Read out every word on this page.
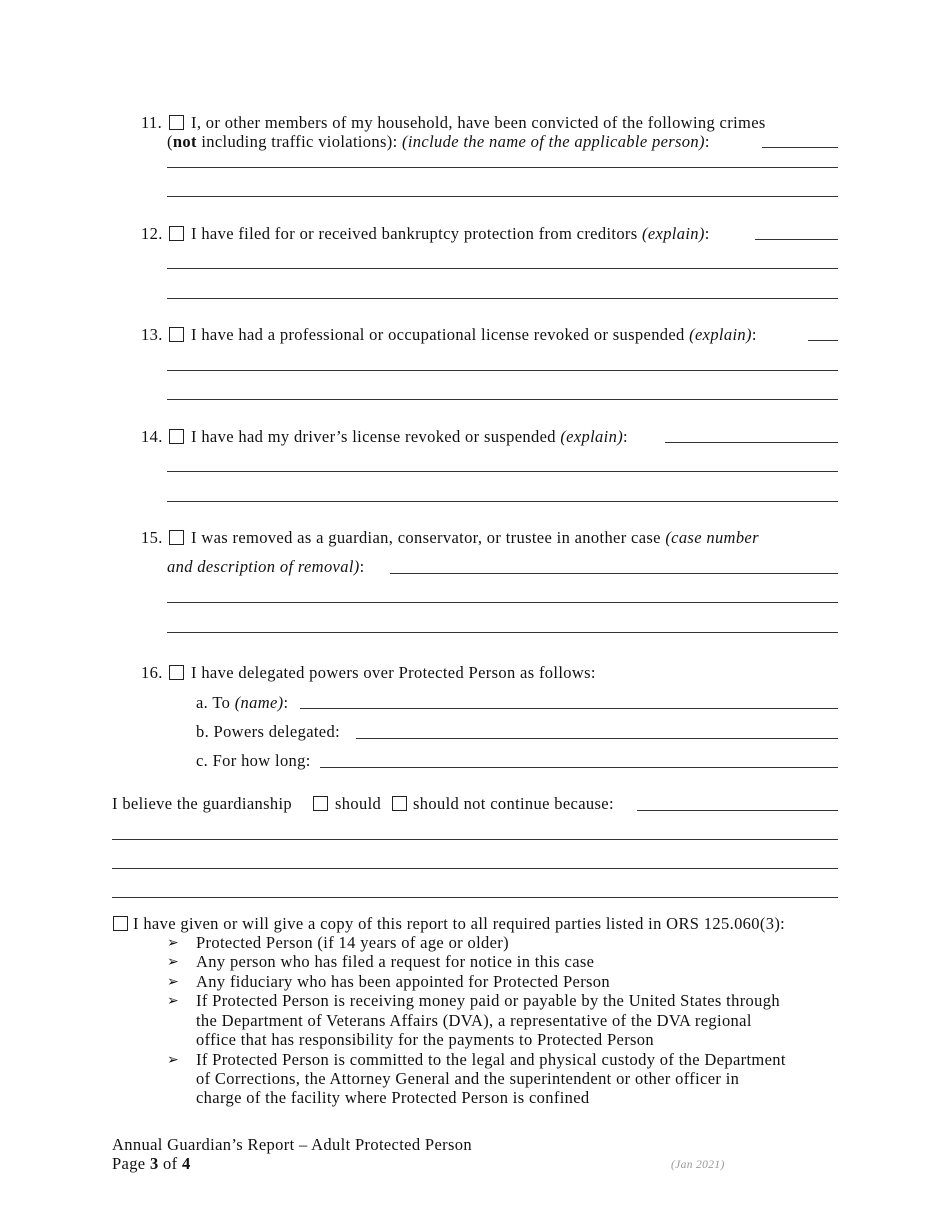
11. I, or other members of my household, have been convicted of the following crimes
(not including traffic violations): (include the name of the applicable person):
12. I have filed for or received bankruptcy protection from creditors (explain):
13. I have had a professional or occupational license revoked or suspended (explain):
14. I have had my driver’s license revoked or suspended (explain):
15. I was removed as a guardian, conservator, or trustee in another case (case number
and description of removal):
16. I have delegated powers over Protected Person as follows:
a. To (name):
b. Powers delegated:
c. For how long:
I believe the guardianship	should should not continue because:
I have given or will give a copy of this report to all required parties listed in ORS 125.060(3):
➢ Protected Person (if 14 years of age or older)
➢ Any person who has filed a request for notice in this case
➢ Any fiduciary who has been appointed for Protected Person
➢ If Protected Person is receiving money paid or payable by the United States through
the Department of Veterans Affairs (DVA), a representative of the DVA regional
office that has responsibility for the payments to Protected Person
➢ If Protected Person is committed to the legal and physical custody of the Department
of Corrections, the Attorney General and the superintendent or other officer in
charge of the facility where Protected Person is confined
Annual Guardian’s Report – Adult Protected Person
Page 3 of 4	(Jan 2021)
